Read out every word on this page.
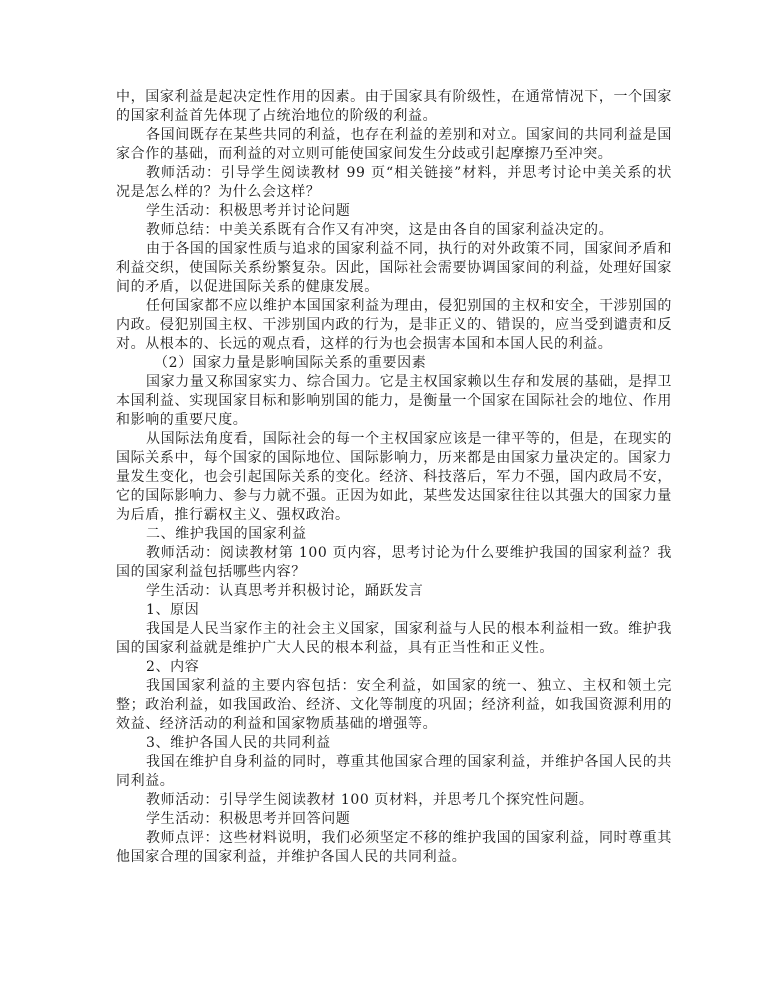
中，国家利益是起决定性作用的因素。由于国家具有阶级性，在通常情况下，一个国家的国家利益首先体现了占统治地位的阶级的利益。

各国间既存在某些共同的利益，也存在利益的差别和对立。国家间的共同利益是国家合作的基础，而利益的对立则可能使国家间发生分歧或引起摩擦乃至冲突。

教师活动：引导学生阅读教材 99 页“相关链接”材料，并思考讨论中美关系的状况是怎么样的？为什么会这样？

学生活动：积极思考并讨论问题

教师总结：中美关系既有合作又有冲突，这是由各自的国家利益决定的。

由于各国的国家性质与追求的国家利益不同，执行的对外政策不同，国家间矛盾和利益交织，使国际关系纷繁复杂。因此，国际社会需要协调国家间的利益，处理好国家间的矛盾，以促进国际关系的健康发展。

任何国家都不应以维护本国国家利益为理由，侵犯别国的主权和安全，干涉别国的内政。侵犯别国主权、干涉别国内政的行为，是非正义的、错误的，应当受到谴责和反对。从根本的、长远的观点看，这样的行为也会损害本国和本国人民的利益。

（2）国家力量是影响国际关系的重要因素

国家力量又称国家实力、综合国力。它是主权国家赖以生存和发展的基础，是捍卫本国利益、实现国家目标和影响别国的能力，是衡量一个国家在国际社会的地位、作用和影响的重要尺度。

从国际法角度看，国际社会的每一个主权国家应该是一律平等的，但是，在现实的国际关系中，每个国家的国际地位、国际影响力，历来都是由国家力量决定的。国家力量发生变化，也会引起国际关系的变化。经济、科技落后，军力不强，国内政局不安，它的国际影响力、参与力就不强。正因为如此，某些发达国家往往以其强大的国家力量为后盾，推行霸权主义、强权政治。

二、维护我国的国家利益

教师活动：阅读教材第 100 页内容，思考讨论为什么要维护我国的国家利益？我国的国家利益包括哪些内容？

学生活动：认真思考并积极讨论，踊跃发言

1、原因

我国是人民当家作主的社会主义国家，国家利益与人民的根本利益相一致。维护我国的国家利益就是维护广大人民的根本利益，具有正当性和正义性。

2、内容

我国国家利益的主要内容包括：安全利益，如国家的统一、独立、主权和领土完整；政治利益，如我国政治、经济、文化等制度的巩固；经济利益，如我国资源利用的效益、经济活动的利益和国家物质基础的增强等。

3、维护各国人民的共同利益

我国在维护自身利益的同时，尊重其他国家合理的国家利益，并维护各国人民的共同利益。

教师活动：引导学生阅读教材 100 页材料，并思考几个探究性问题。

学生活动：积极思考并回答问题

教师点评：这些材料说明，我们必须坚定不移的维护我国的国家利益，同时尊重其他国家合理的国家利益，并维护各国人民的共同利益。
